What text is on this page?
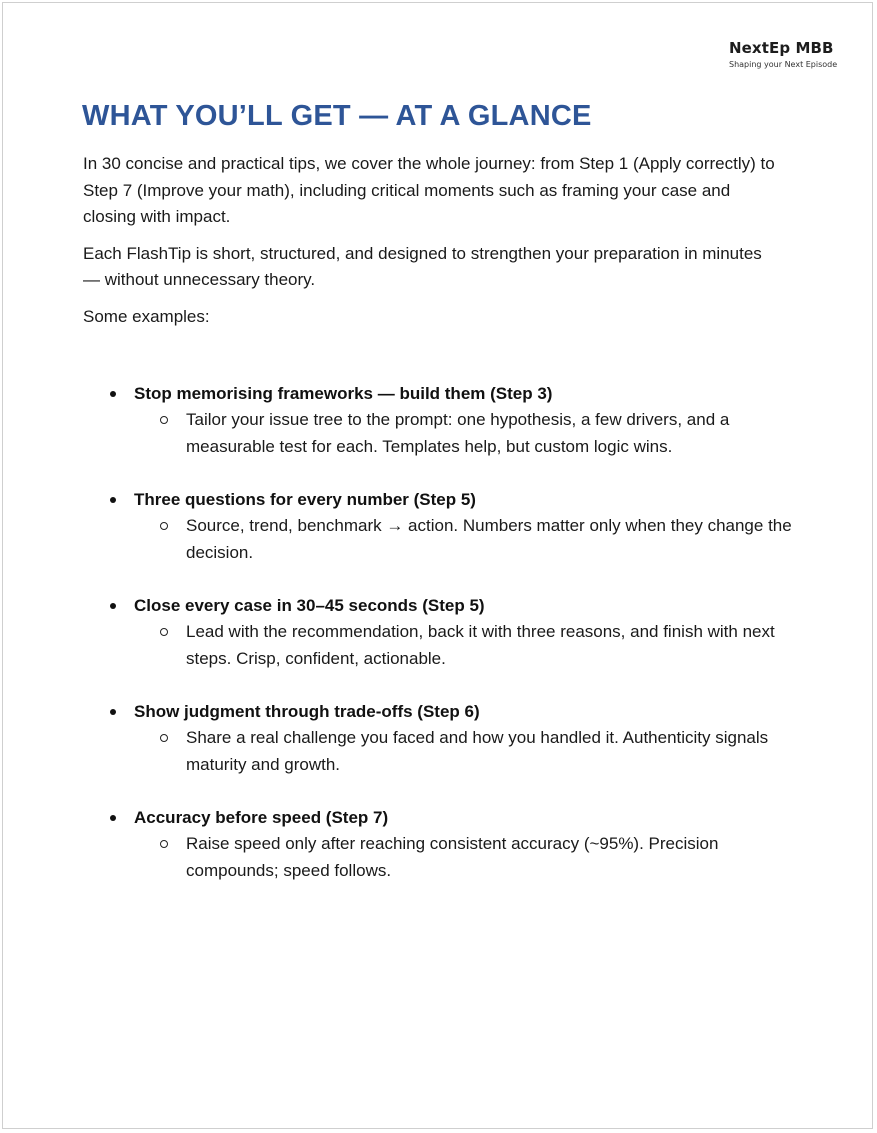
NextEp MBB
Shaping your Next Episode
WHAT YOU’LL GET — AT A GLANCE

In 30 concise and practical tips, we cover the whole journey: from Step 1 (Apply correctly) to Step 7 (Improve your math), including critical moments such as framing your case and closing with impact.

Each FlashTip is short, structured, and designed to strengthen your preparation in minutes — without unnecessary theory.

Some examples:

Stop memorising frameworks — build them (Step 3)
Tailor your issue tree to the prompt: one hypothesis, a few drivers, and a measurable test for each. Templates help, but custom logic wins.
Three questions for every number (Step 5)
Source, trend, benchmark → action. Numbers matter only when they change the decision.
Close every case in 30–45 seconds (Step 5)
Lead with the recommendation, back it with three reasons, and finish with next steps. Crisp, confident, actionable.
Show judgment through trade-offs (Step 6)
Share a real challenge you faced and how you handled it. Authenticity signals maturity and growth.
Accuracy before speed (Step 7)
Raise speed only after reaching consistent accuracy (~95%). Precision compounds; speed follows.
